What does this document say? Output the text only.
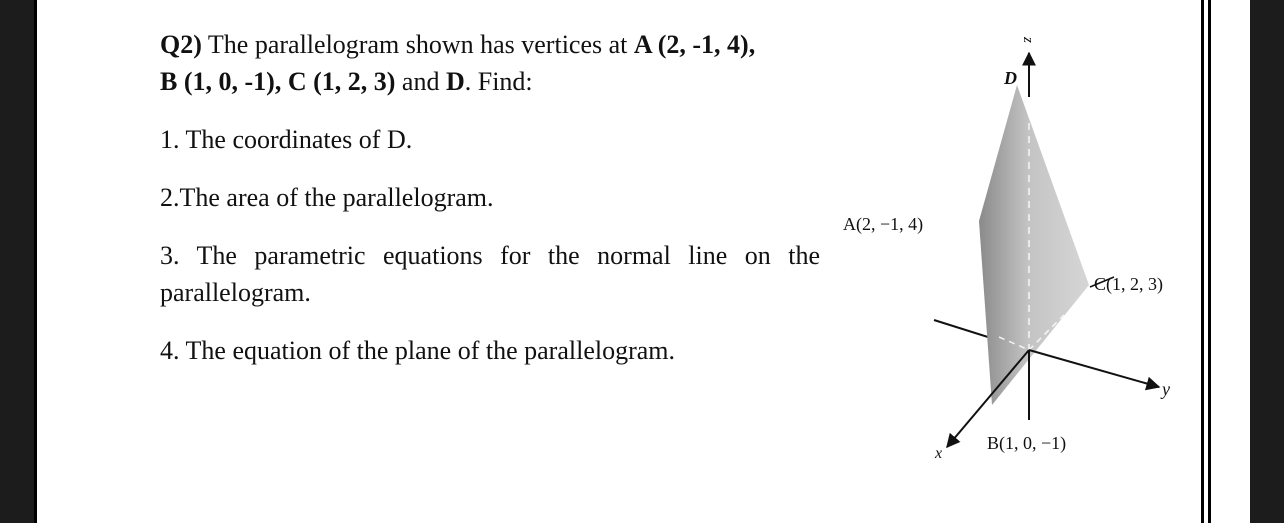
Q2) The parallelogram shown has vertices at A (2, -1, 4),
B (1, 0, -1), C (1, 2, 3) and D. Find:

1. The coordinates of D.

2.The area of the parallelogram.

3. The parametric equations for the normal line on the

parallelogram.

4. The equation of the plane of the parallelogram.

z
D
A(2, −1, 4)
C(1, 2, 3)
y
x
B(1, 0, −1)
